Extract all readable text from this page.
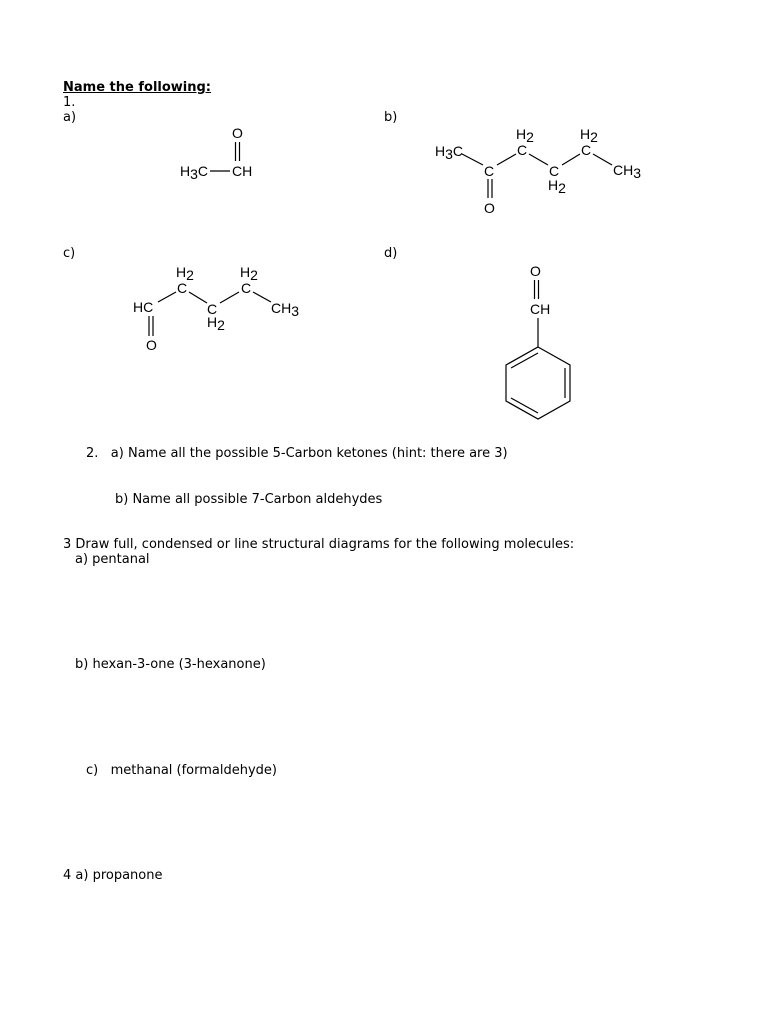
Name the following:
1.
a)	b)
c)	d)
O
H3C CH
H3C
C
O
H2
C
C
H2
H2
C
CH3
H2
C
H2
C
HC	C
H2
CH3
O
O
CH
2.   a) Name all the possible 5-Carbon ketones (hint: there are 3)
b) Name all possible 7-Carbon aldehydes
3 Draw full, condensed or line structural diagrams for the following molecules:
a) pentanal
b) hexan-3-one (3-hexanone)
c)   methanal (formaldehyde)
4 a) propanone
